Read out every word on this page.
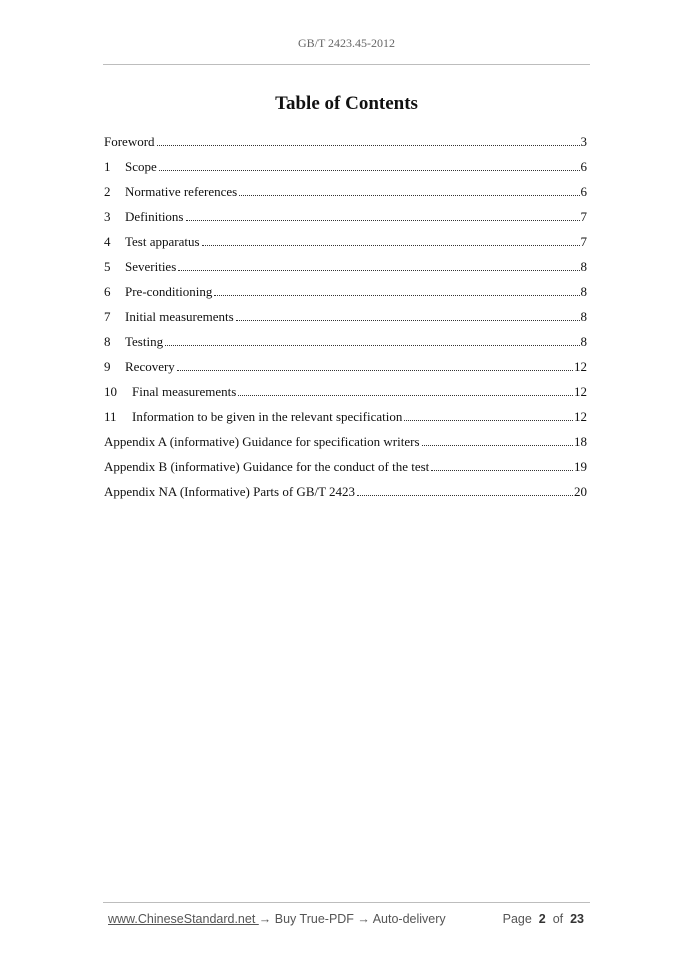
GB/T 2423.45-2012
Table of Contents
Foreword	3
1	Scope	6
2	Normative references	6
3	Definitions	7
4	Test apparatus	7
5	Severities	8
6	Pre-conditioning	8
7	Initial measurements	8
8	Testing	8
9	Recovery	12
10	Final measurements	12
11	Information to be given in the relevant specification	12
Appendix A (informative) Guidance for specification writers	18
Appendix B (informative) Guidance for the conduct of the test	19
Appendix NA (Informative) Parts of GB/T 2423	20
www.ChineseStandard.net → Buy True-PDF → Auto-delivery	Page 2 of 23
